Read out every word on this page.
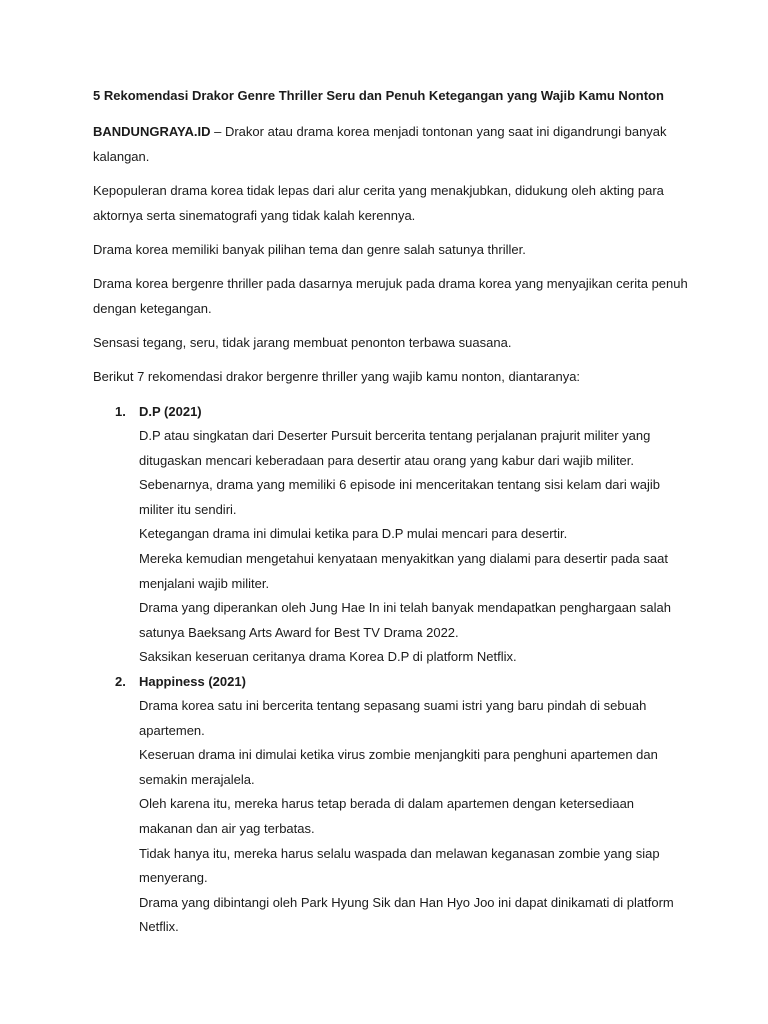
5 Rekomendasi Drakor Genre Thriller Seru dan Penuh Ketegangan yang Wajib Kamu Nonton

BANDUNGRAYA.ID – Drakor atau drama korea menjadi tontonan yang saat ini digandrungi banyak kalangan.

Kepopuleran drama korea tidak lepas dari alur cerita yang menakjubkan, didukung oleh akting para aktornya serta sinematografi yang tidak kalah kerennya.

Drama korea memiliki banyak pilihan tema dan genre salah satunya thriller.

Drama korea bergenre thriller pada dasarnya merujuk pada drama korea yang menyajikan cerita penuh dengan ketegangan.

Sensasi tegang, seru, tidak jarang membuat penonton terbawa suasana.

Berikut 7 rekomendasi drakor bergenre thriller yang wajib kamu nonton, diantaranya:

1. D.P (2021)

D.P atau singkatan dari Deserter Pursuit bercerita tentang perjalanan prajurit militer yang ditugaskan mencari keberadaan para desertir atau orang yang kabur dari wajib militer.

Sebenarnya, drama yang memiliki 6 episode ini menceritakan tentang sisi kelam dari wajib militer itu sendiri.

Ketegangan drama ini dimulai ketika para D.P mulai mencari para desertir.

Mereka kemudian mengetahui kenyataan menyakitkan yang dialami para desertir pada saat menjalani wajib militer.

Drama yang diperankan oleh Jung Hae In ini telah banyak mendapatkan penghargaan salah satunya Baeksang Arts Award for Best TV Drama 2022.

Saksikan keseruan ceritanya drama Korea D.P di platform Netflix.

2. Happiness (2021)

Drama korea satu ini bercerita tentang sepasang suami istri yang baru pindah di sebuah apartemen.

Keseruan drama ini dimulai ketika virus zombie menjangkiti para penghuni apartemen dan semakin merajalela.

Oleh karena itu, mereka harus tetap berada di dalam apartemen dengan ketersediaan makanan dan air yag terbatas.

Tidak hanya itu, mereka harus selalu waspada dan melawan keganasan zombie yang siap menyerang.

Drama yang dibintangi oleh Park Hyung Sik dan Han Hyo Joo ini dapat dinikamati di platform Netflix.
